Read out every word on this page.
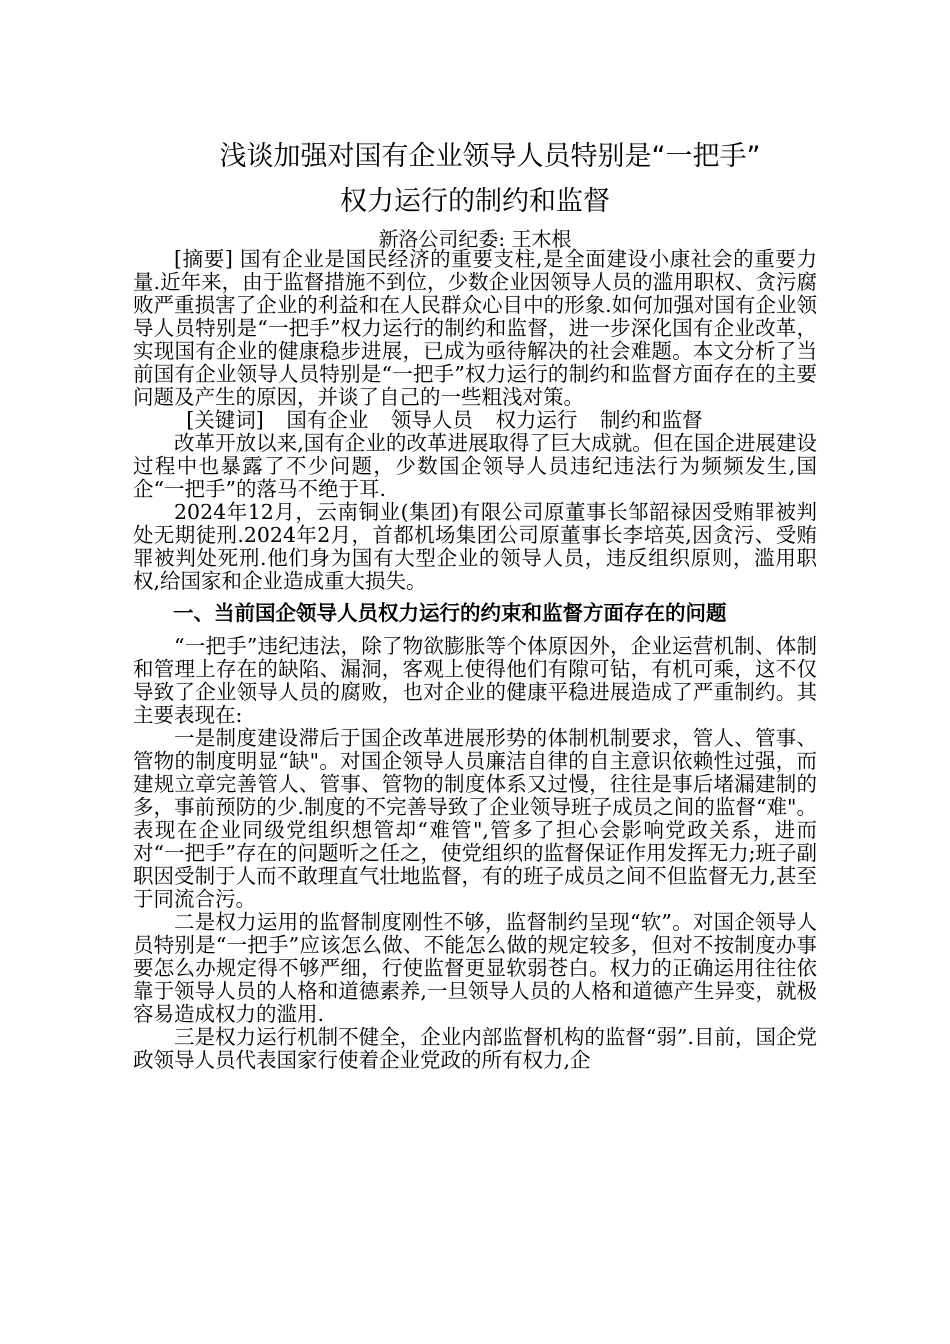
浅谈加强对国有企业领导人员特别是“一把手”
权力运行的制约和监督
新洛公司纪委: 王木根

[摘要] 国有企业是国民经济的重要支柱,是全面建设小康社会的重要力量.近年来，由于监督措施不到位，少数企业因领导人员的滥用职权、贪污腐败严重损害了企业的利益和在人民群众心目中的形象.如何加强对国有企业领导人员特别是“一把手”权力运行的制约和监督，进一步深化国有企业改革，实现国有企业的健康稳步进展，已成为亟待解决的社会难题。本文分析了当前国有企业领导人员特别是“一把手”权力运行的制约和监督方面存在的主要问题及产生的原因，并谈了自己的一些粗浅对策。

[关键词] 国有企业 领导人员 权力运行 制约和监督

改革开放以来,国有企业的改革进展取得了巨大成就。但在国企进展建设过程中也暴露了不少问题，少数国企领导人员违纪违法行为频频发生,国企“一把手”的落马不绝于耳.

2024年12月，云南铜业(集团)有限公司原董事长邹韶禄因受贿罪被判处无期徒刑.2024年2月，首都机场集团公司原董事长李培英,因贪污、受贿罪被判处死刑.他们身为国有大型企业的领导人员，违反组织原则，滥用职权,给国家和企业造成重大损失。

一、当前国企领导人员权力运行的约束和监督方面存在的问题

“一把手”违纪违法，除了物欲膨胀等个体原因外，企业运营机制、体制和管理上存在的缺陷、漏洞，客观上使得他们有隙可钻，有机可乘，这不仅导致了企业领导人员的腐败，也对企业的健康平稳进展造成了严重制约。其主要表现在:

一是制度建设滞后于国企改革进展形势的体制机制要求，管人、管事、管物的制度明显“缺"。对国企领导人员廉洁自律的自主意识依赖性过强，而建规立章完善管人、管事、管物的制度体系又过慢，往往是事后堵漏建制的多，事前预防的少.制度的不完善导致了企业领导班子成员之间的监督“难"。表现在企业同级党组织想管却“难管",管多了担心会影响党政关系，进而对“一把手”存在的问题听之任之，使党组织的监督保证作用发挥无力;班子副职因受制于人而不敢理直气壮地监督，有的班子成员之间不但监督无力,甚至于同流合污。

二是权力运用的监督制度刚性不够，监督制约呈现“软”。对国企领导人员特别是“一把手”应该怎么做、不能怎么做的规定较多，但对不按制度办事要怎么办规定得不够严细，行使监督更显软弱苍白。权力的正确运用往往依靠于领导人员的人格和道德素养,一旦领导人员的人格和道德产生异变，就极容易造成权力的滥用.

三是权力运行机制不健全，企业内部监督机构的监督“弱”.目前，国企党政领导人员代表国家行使着企业党政的所有权力,企
